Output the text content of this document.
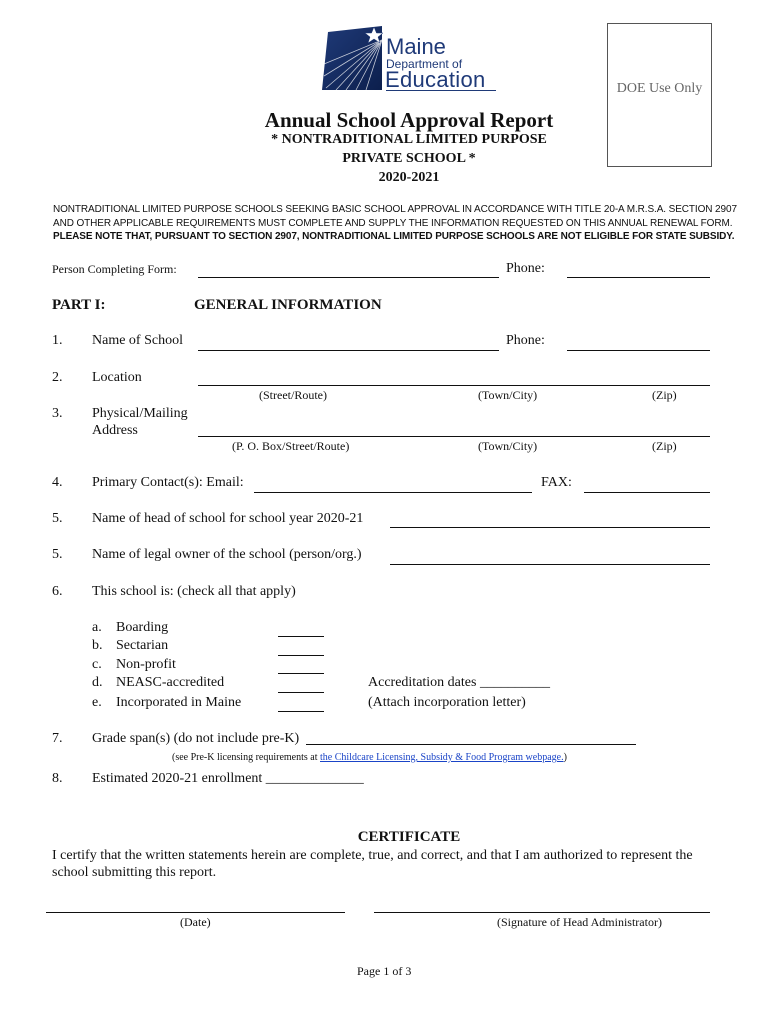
Maine
Department of
Education	DOE Use Only
Annual School Approval Report
* NONTRADITIONAL LIMITED PURPOSE
PRIVATE SCHOOL *
2020-2021
NONTRADITIONAL LIMITED PURPOSE SCHOOLS SEEKING BASIC SCHOOL APPROVAL IN ACCORDANCE WITH TITLE 20-A M.R.S.A. SECTION 2907
AND OTHER APPLICABLE REQUIREMENTS MUST COMPLETE AND SUPPLY THE INFORMATION REQUESTED ON THIS ANNUAL RENEWAL FORM.
PLEASE NOTE THAT, PURSUANT TO SECTION 2907, NONTRADITIONAL LIMITED PURPOSE SCHOOLS ARE NOT ELIGIBLE FOR STATE SUBSIDY.
Person Completing Form:	Phone:
PART I:	GENERAL INFORMATION
1. Name of School	Phone:
2. Location
(Street/Route)	(Town/City)	(Zip)
3. Physical/Mailing
Address
(P. O. Box/Street/Route)	(Town/City)	(Zip)
4. Primary Contact(s): Email:	FAX:
5. Name of head of school for school year 2020-21
5. Name of legal owner of the school (person/org.)
6. This school is: (check all that apply)
a. Boarding
b. Sectarian
c. Non-profit
d. NEASC-accredited
e. Incorporated in Maine
Accreditation dates __________
(Attach incorporation letter)
7. Grade span(s) (do not include pre-K)
(see Pre-K licensing requirements at the Childcare Licensing, Subsidy & Food Program webpage.)
8. Estimated 2020-21 enrollment ______________
CERTIFICATE
I certify that the written statements herein are complete, true, and correct, and that I am authorized to represent the
school submitting this report.
(Date)	(Signature of Head Administrator)
Page 1 of 3
